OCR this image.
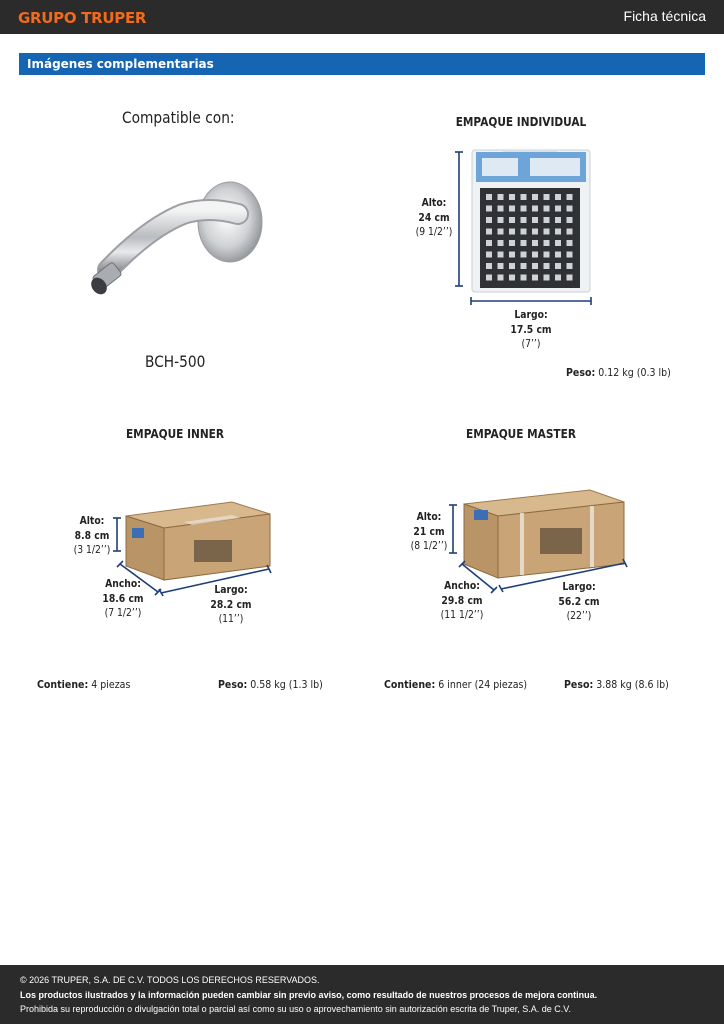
GRUPO TRUPER	Ficha técnica
Imágenes complementarias
Compatible con:
BCH-500
EMPAQUE INDIVIDUAL
Alto:
24 cm
(9 1/2’’)
Largo:
17.5 cm
(7’’)
Peso: 0.12 kg (0.3 lb)
EMPAQUE INNER
Alto:
8.8 cm
(3 1/2’’)
Ancho:
18.6 cm
(7 1/2’’)
Largo:
28.2 cm
(11’’)
Contiene: 4 piezas	Peso: 0.58 kg (1.3 lb)
EMPAQUE MASTER
Alto:
21 cm
(8 1/2’’)
Ancho:
29.8 cm
(11 1/2’’)
Largo:
56.2 cm
(22’’)
Contiene: 6 inner (24 piezas)	Peso: 3.88 kg (8.6 lb)
© 2026 TRUPER, S.A. DE C.V. TODOS LOS DERECHOS RESERVADOS.
Los productos ilustrados y la información pueden cambiar sin previo aviso, como resultado de nuestros procesos de mejora continua.
Prohibida su reproducción o divulgación total o parcial así como su uso o aprovechamiento sin autorización escrita de Truper, S.A. de C.V.
